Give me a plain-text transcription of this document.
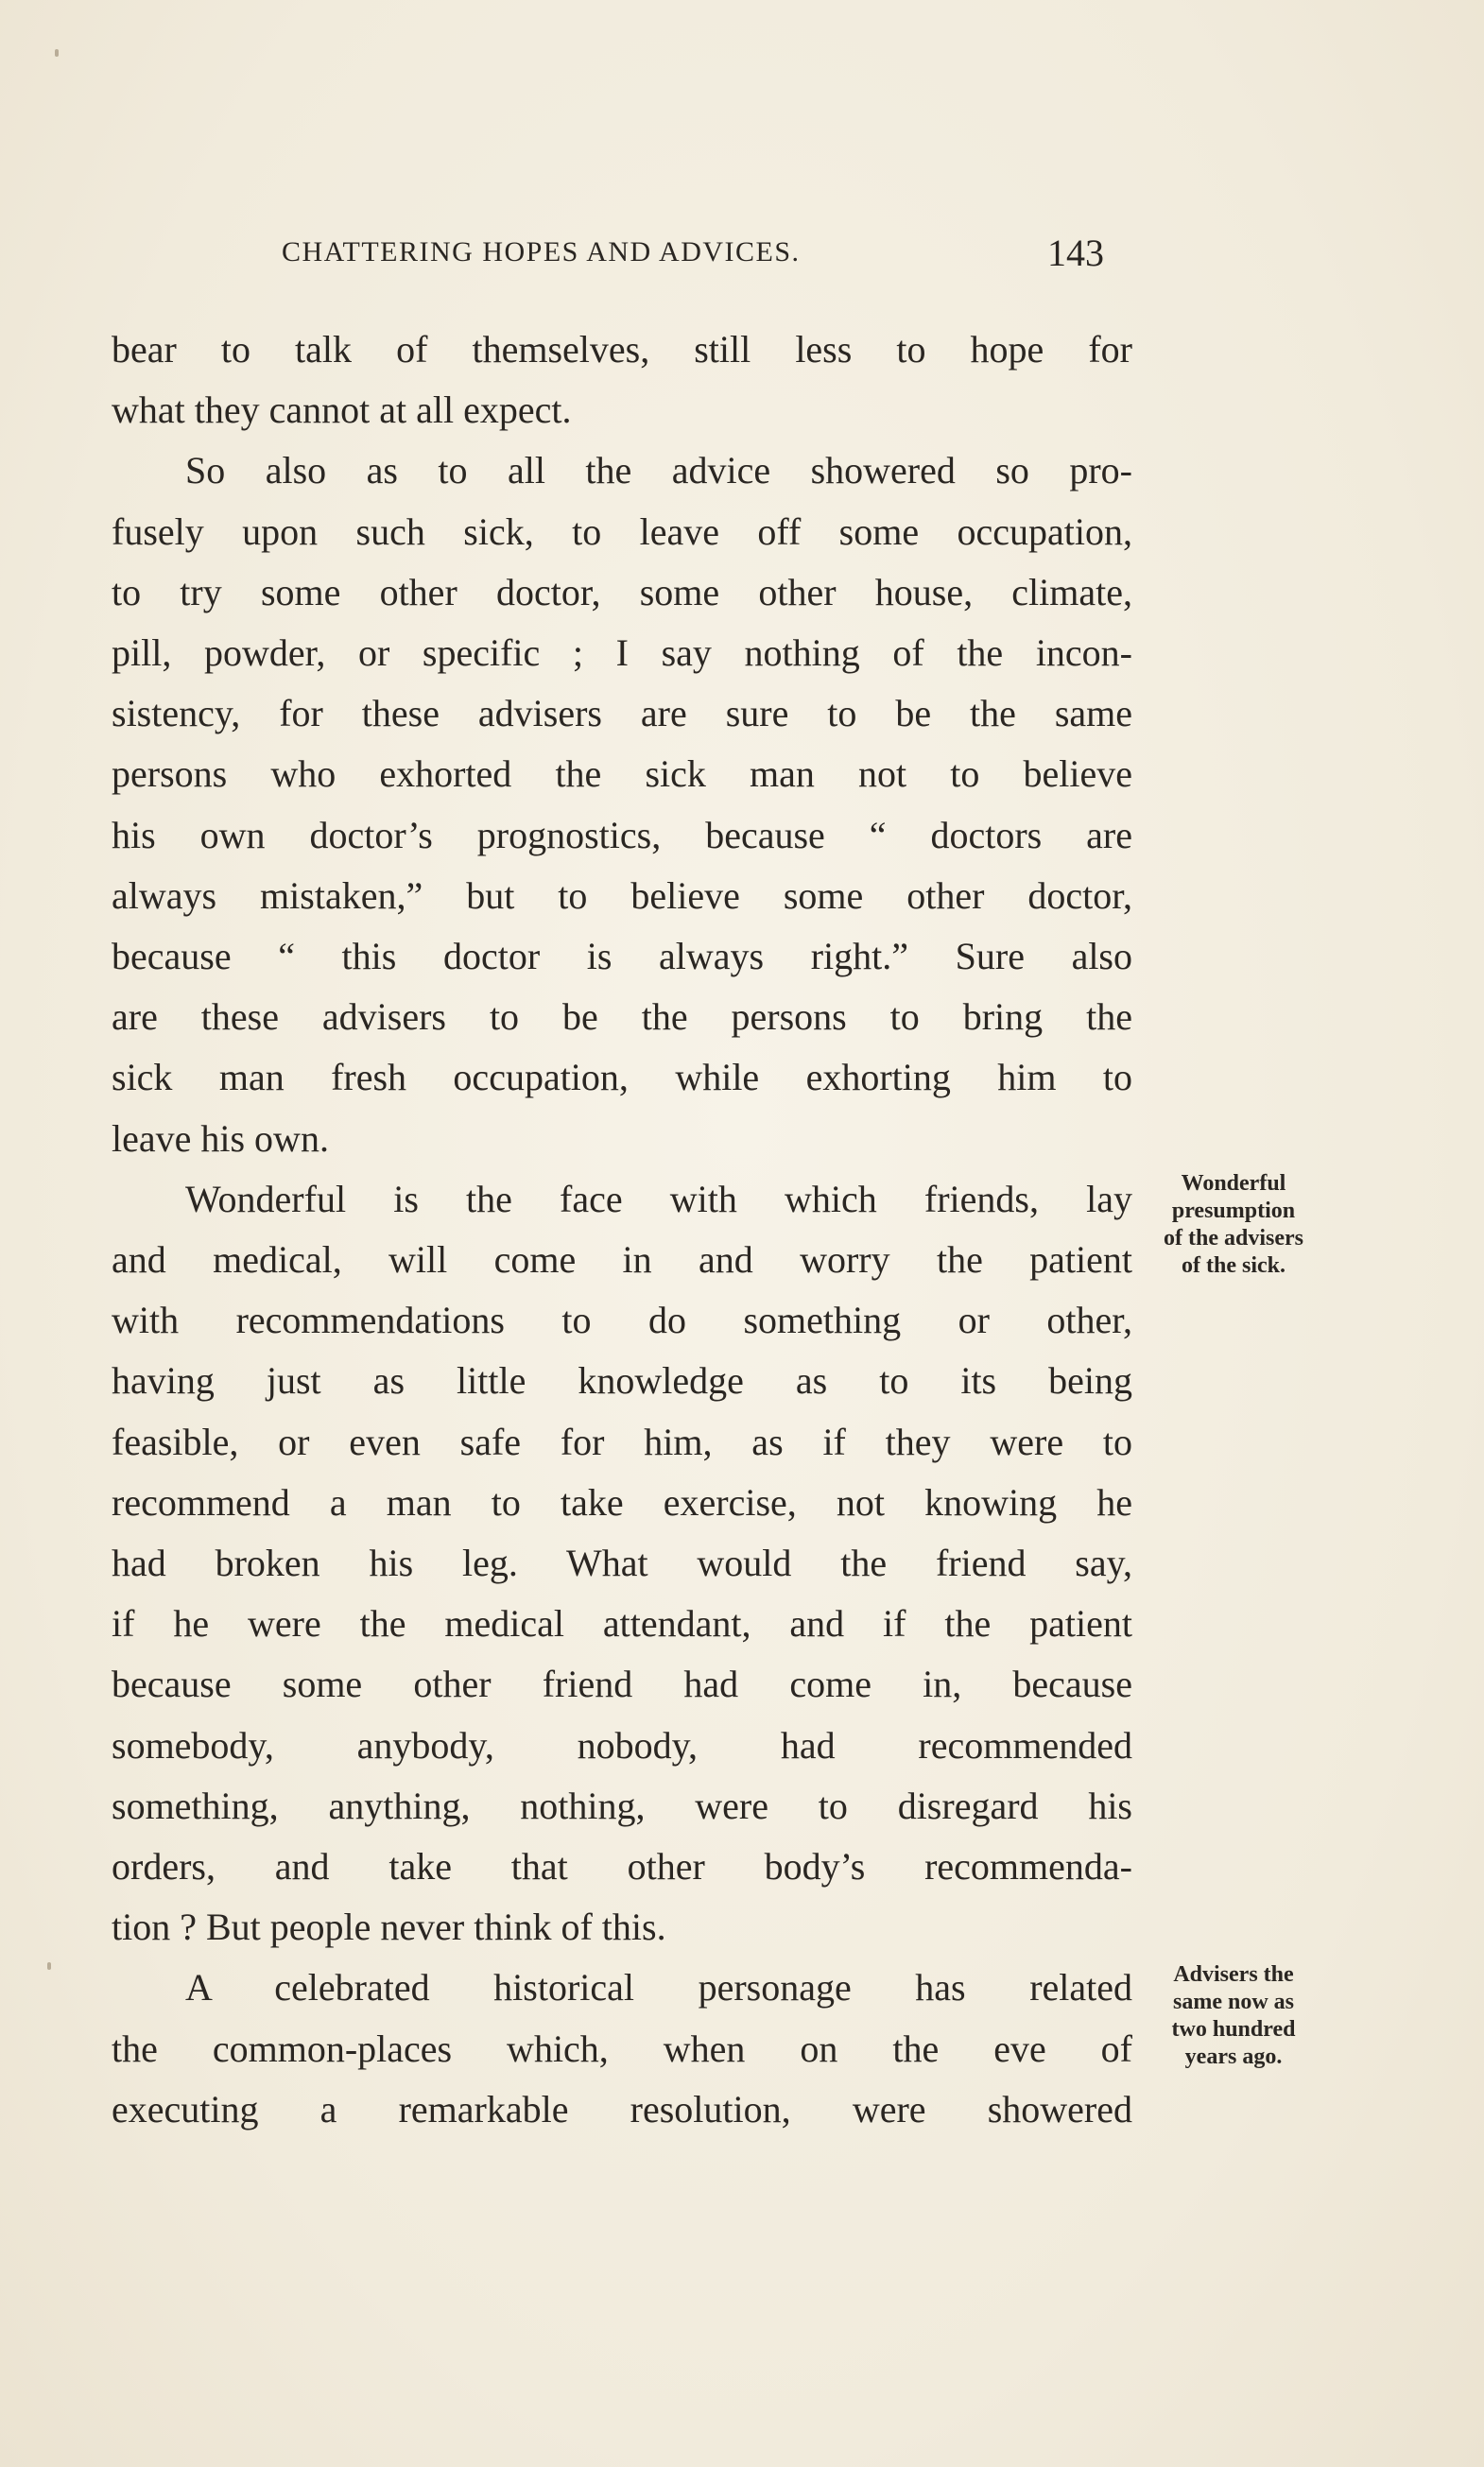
CHATTERING HOPES AND ADVICES.	143
bear to talk of themselves, still less to hope for
what they cannot at all expect.
So also as to all the advice showered so pro-
fusely upon such sick, to leave off some occupation,
to try some other doctor, some other house, climate,
pill, powder, or specific ; I say nothing of the incon-
sistency, for these advisers are sure to be the same
persons who exhorted the sick man not to believe
his own doctor’s prognostics, because “ doctors are
always mistaken,” but to believe some other doctor,
because “ this doctor is always right.” Sure also
are these advisers to be the persons to bring the
sick man fresh occupation, while exhorting him to
leave his own.
Wonderful is the face with which friends, lay
and medical, will come in and worry the patient
with recommendations to do something or other,
having just as little knowledge as to its being
feasible, or even safe for him, as if they were to
recommend a man to take exercise, not knowing he
had broken his leg. What would the friend say,
if he were the medical attendant, and if the patient
because some other friend had come in, because
somebody, anybody, nobody, had recommended
something, anything, nothing, were to disregard his
orders, and take that other body’s recommenda-
tion ? But people never think of this.
A celebrated historical personage has related
the common-places which, when on the eve of
executing a remarkable resolution, were showered
Wonderful
presumption
of the advisers
of the sick.
Advisers the
same now as
two hundred
years ago.
